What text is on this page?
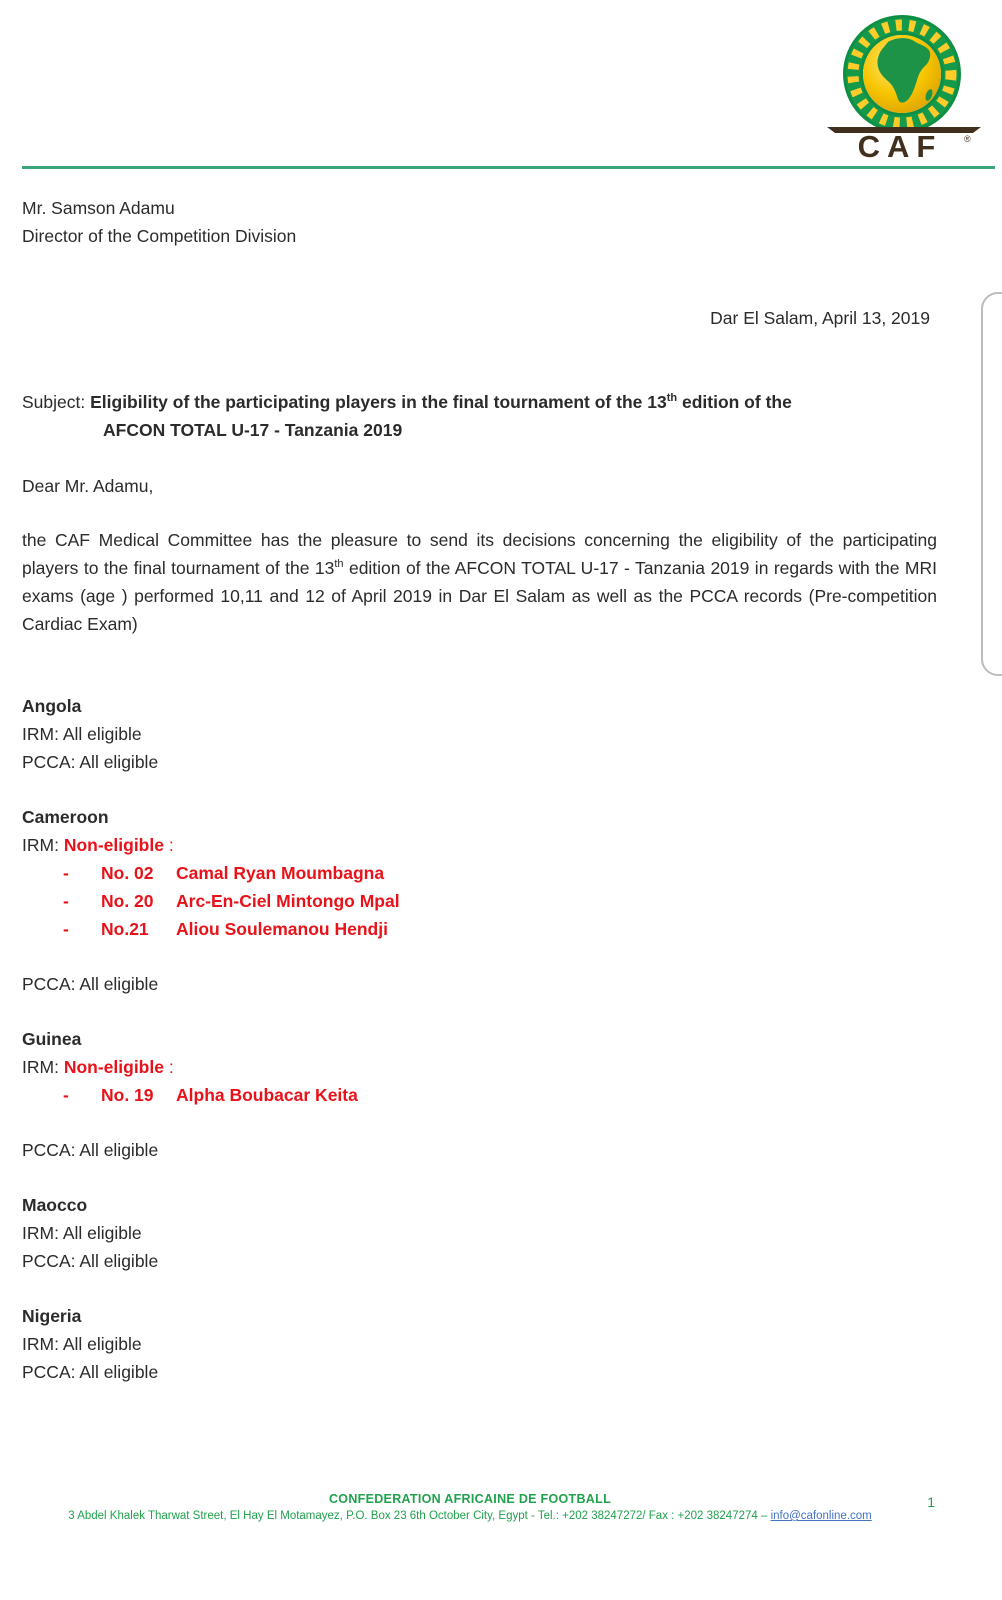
CAF ®
Mr. Samson Adamu
Director of the Competition Division
Dar El Salam, April 13, 2019
Subject: Eligibility of the participating players in the final tournament of the 13th edition of the
AFCON TOTAL U-17 - Tanzania 2019
Dear Mr. Adamu,
the CAF Medical Committee has the pleasure to send its decisions concerning the eligibility of the participating players to the final tournament of the 13th edition of the AFCON TOTAL U-17 - Tanzania 2019 in regards with the MRI exams (age ) performed 10,11 and 12 of April 2019 in Dar El Salam as well as the PCCA records (Pre-competition Cardiac Exam)
Angola
IRM: All eligible
PCCA: All eligible
Cameroon
IRM: Non-eligible :
-	No. 02	Camal Ryan Moumbagna
-	No. 20	Arc-En-Ciel Mintongo Mpal
-	No.21	Aliou Soulemanou Hendji
PCCA: All eligible
Guinea
IRM: Non-eligible :
-	No. 19	Alpha Boubacar Keita
PCCA: All eligible
Maocco
IRM: All eligible
PCCA: All eligible
Nigeria
IRM: All eligible
PCCA: All eligible
CONFEDERATION AFRICAINE DE FOOTBALL
3 Abdel Khalek Tharwat Street, El Hay El Motamayez, P.O. Box 23 6th October City, Egypt - Tel.: +202 38247272/ Fax : +202 38247274 – info@cafonline.com
1
